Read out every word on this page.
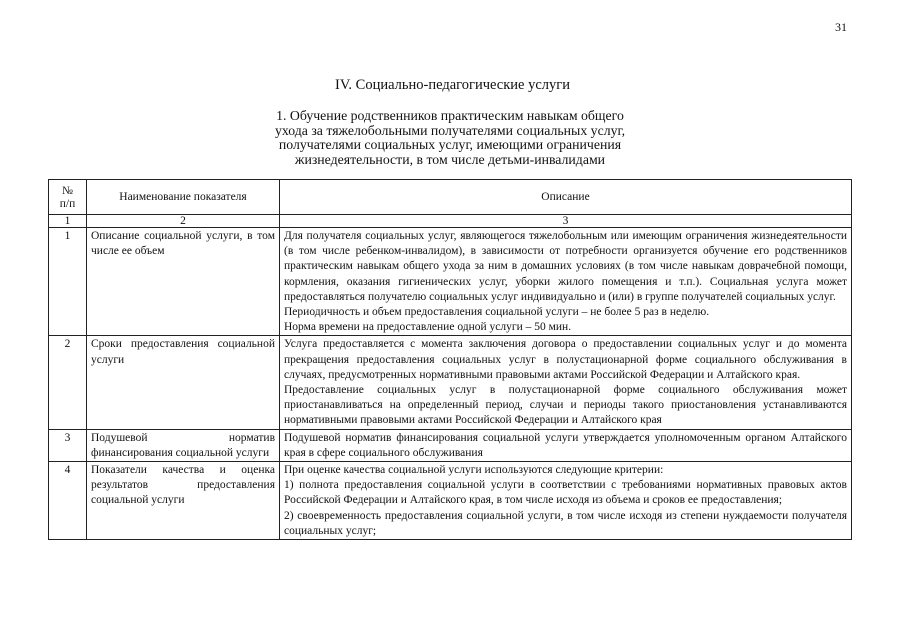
31
IV. Социально-педагогические услуги
1. Обучение родственников практическим навыкам общего
ухода за тяжелобольными получателями социальных услуг,
получателями социальных услуг, имеющими ограничения
жизнедеятельности, в том числе детьми-инвалидами
№
п/п	Наименование показателя	Описание
1	2	3
1	Описание социальной услуги, в том числе ее объем	Для получателя социальных услуг, являющегося тяжелобольным или имеющим ограничения жизнедеятельности (в том числе ребенком-инвалидом), в зависимости от потребности организуется обучение его родственников практическим навыкам общего ухода за ним в домашних условиях (в том числе навыкам доврачебной помощи, кормления, оказания гигиенических услуг, уборки жилого помещения и т.п.). Социальная услуга может предоставляться получателю социальных услуг индивидуально и (или) в группе получателей социальных услуг.

Периодичность и объем предоставления социальной услуги – не более 5 раз в неделю.

Норма времени на предоставление одной услуги – 50 мин.

2	Сроки предоставления социальной услуги	Услуга предоставляется с момента заключения договора о предоставлении социальных услуг и до момента прекращения предоставления социальных услуг в полустационарной форме социального обслуживания в случаях, предусмотренных нормативными правовыми актами Российской Федерации и Алтайского края.

Предоставление социальных услуг в полустационарной форме социального обслуживания может приостанавливаться на определенный период, случаи и периоды такого приостановления устанавливаются нормативными правовыми актами Российской Федерации и Алтайского края

3	Подушевой норматив финансирования социальной услуги	Подушевой норматив финансирования социальной услуги утверждается уполномоченным органом Алтайского края в сфере социального обслуживания

4	Показатели качества и оценка результатов предоставления социальной услуги	При оценке качества социальной услуги используются следующие критерии:

1) полнота предоставления социальной услуги в соответствии с требованиями нормативных правовых актов Российской Федерации и Алтайского края, в том числе исходя из объема и сроков ее предоставления;

2) своевременность предоставления социальной услуги, в том числе исходя из степени нуждаемости получателя социальных услуг;
